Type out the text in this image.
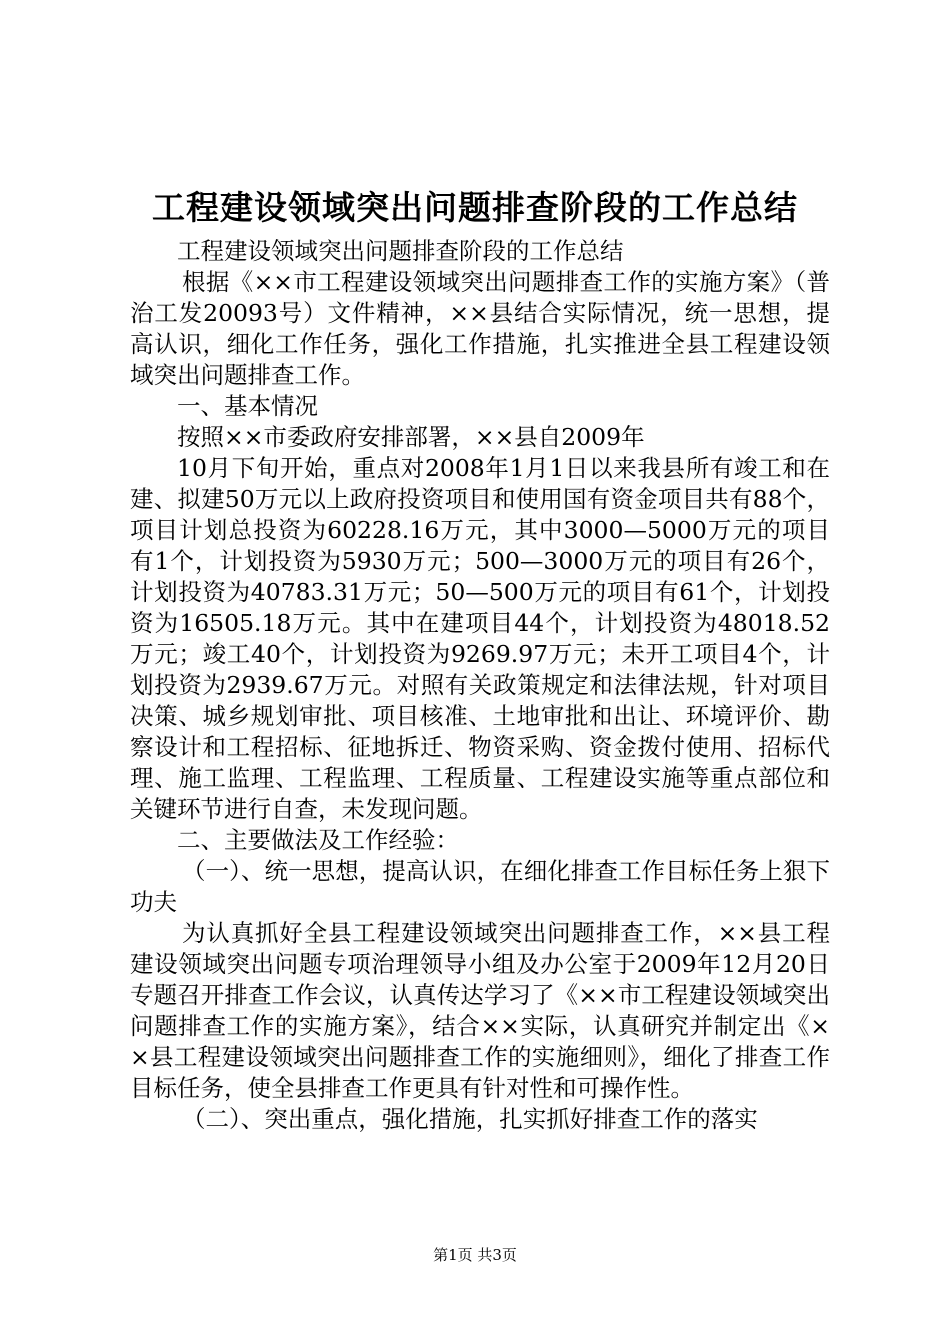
工程建设领域突出问题排查阶段的工作总结

工程建设领域突出问题排查阶段的工作总结

根据《××市工程建设领域突出问题排查工作的实施方案》（普治工发20093号）文件精神，××县结合实际情况，统一思想，提高认识，细化工作任务，强化工作措施，扎实推进全县工程建设领域突出问题排查工作。

一、基本情况

按照××市委政府安排部署，××县自2009年

10月下旬开始，重点对2008年1月1日以来我县所有竣工和在建、拟建50万元以上政府投资项目和使用国有资金项目共有88个，项目计划总投资为60228.16万元，其中3000—5000万元的项目有1个，计划投资为5930万元；500—3000万元的项目有26个，计划投资为40783.31万元；50—500万元的项目有61个，计划投资为16505.18万元。其中在建项目44个，计划投资为48018.52万元；竣工40个，计划投资为9269.97万元；未开工项目4个，计划投资为2939.67万元。对照有关政策规定和法律法规，针对项目决策、城乡规划审批、项目核准、土地审批和出让、环境评价、勘察设计和工程招标、征地拆迁、物资采购、资金拨付使用、招标代理、施工监理、工程监理、工程质量、工程建设实施等重点部位和关键环节进行自查，未发现问题。

二、主要做法及工作经验：

（一）、统一思想，提高认识，在细化排查工作目标任务上狠下功夫

为认真抓好全县工程建设领域突出问题排查工作，××县工程建设领域突出问题专项治理领导小组及办公室于2009年12月20日专题召开排查工作会议，认真传达学习了《××市工程建设领域突出问题排查工作的实施方案》，结合××实际，认真研究并制定出《××县工程建设领域突出问题排查工作的实施细则》，细化了排查工作目标任务，使全县排查工作更具有针对性和可操作性。

（二）、突出重点，强化措施，扎实抓好排查工作的落实

第1页 共3页
